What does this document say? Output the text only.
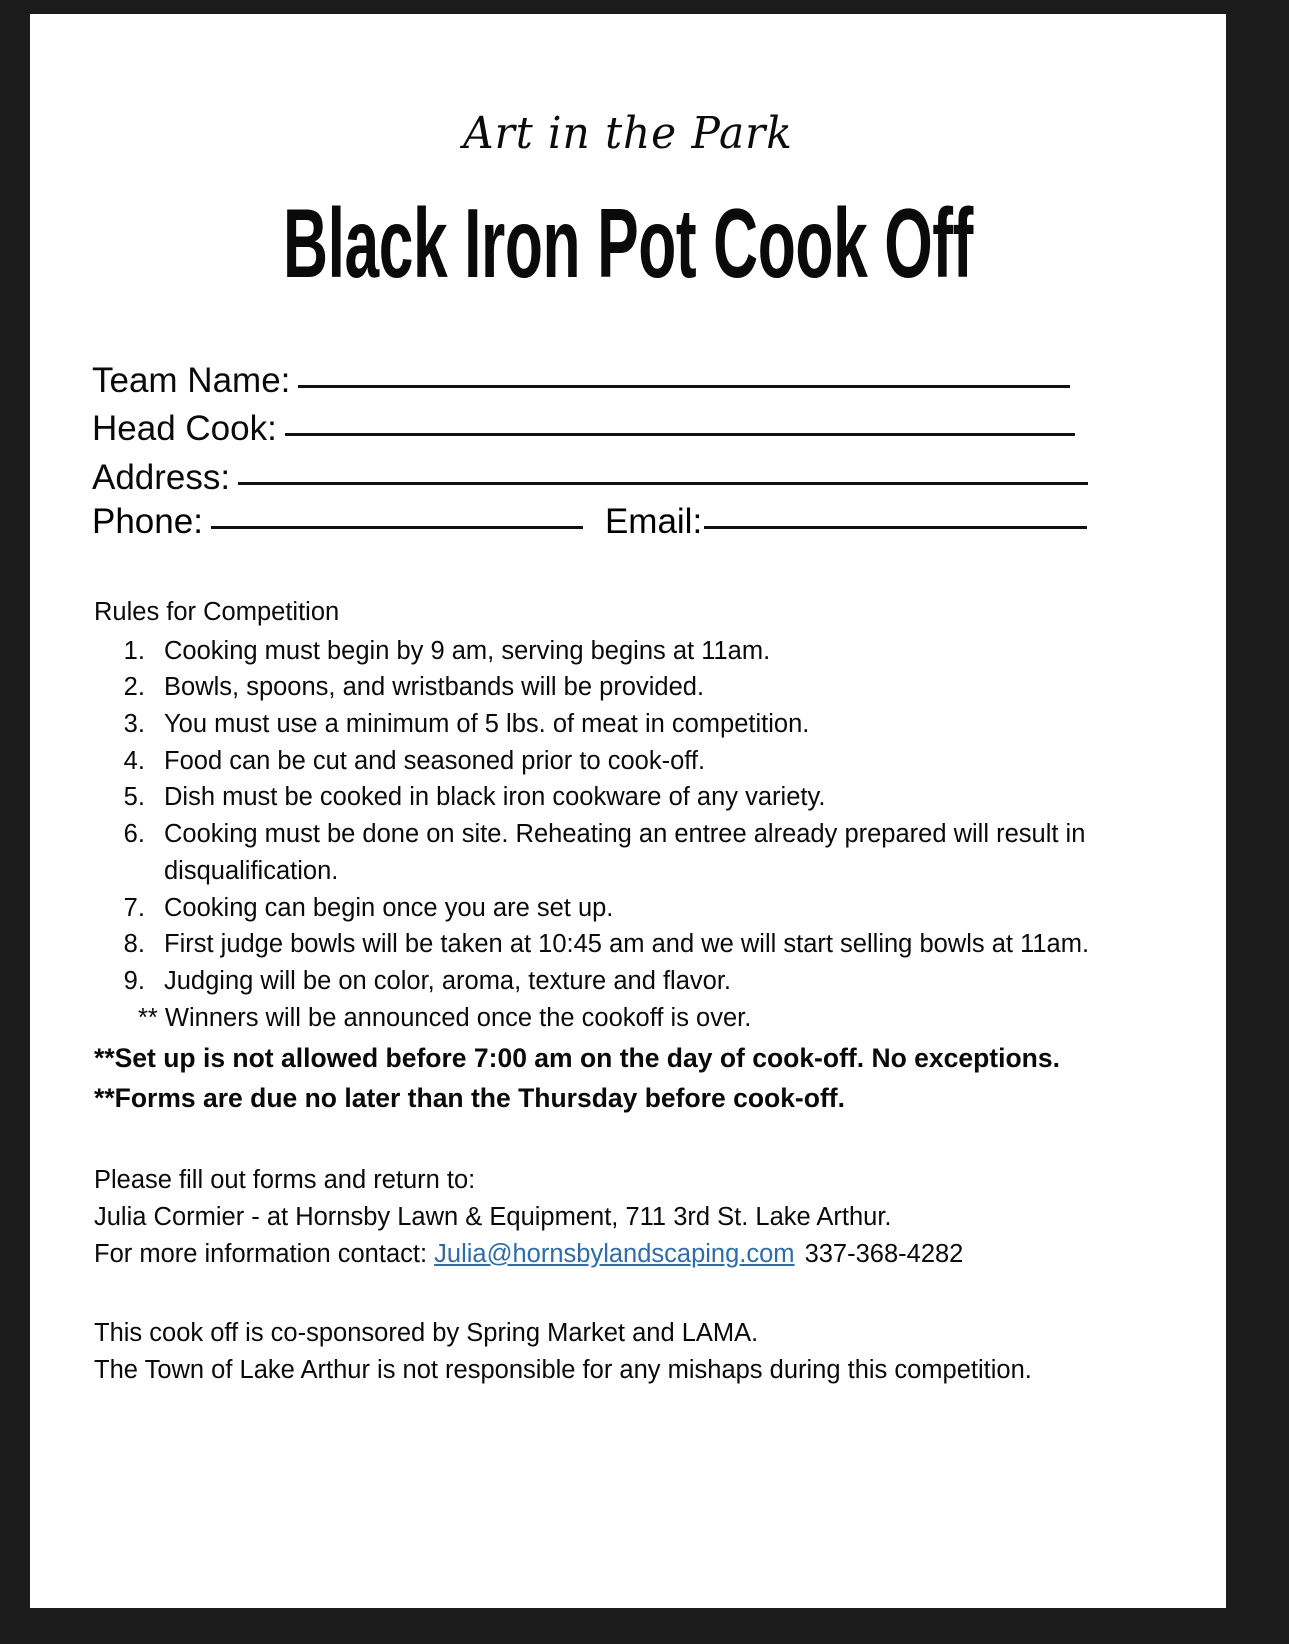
Art in the Park
Black Iron Pot Cook Off
Team Name:
Head Cook:
Address:
Phone:	Email:
Rules for Competition
1. Cooking must begin by 9 am, serving begins at 11am.
2. Bowls, spoons, and wristbands will be provided.
3. You must use a minimum of 5 lbs. of meat in competition.
4. Food can be cut and seasoned prior to cook-off.
5. Dish must be cooked in black iron cookware of any variety.
6. Cooking must be done on site. Reheating an entree already prepared will result in disqualification.
7. Cooking can begin once you are set up.
8. First judge bowls will be taken at 10:45 am and we will start selling bowls at 11am.
9. Judging will be on color, aroma, texture and flavor.

** Winners will be announced once the cookoff is over.

**Set up is not allowed before 7:00 am on the day of cook-off. No exceptions.

**Forms are due no later than the Thursday before cook-off.

Please fill out forms and return to:

Julia Cormier - at Hornsby Lawn & Equipment, 711 3rd St. Lake Arthur.

For more information contact: Julia@hornsbylandscaping.com 337-368-4282

This cook off is co-sponsored by Spring Market and LAMA.

The Town of Lake Arthur is not responsible for any mishaps during this competition.
